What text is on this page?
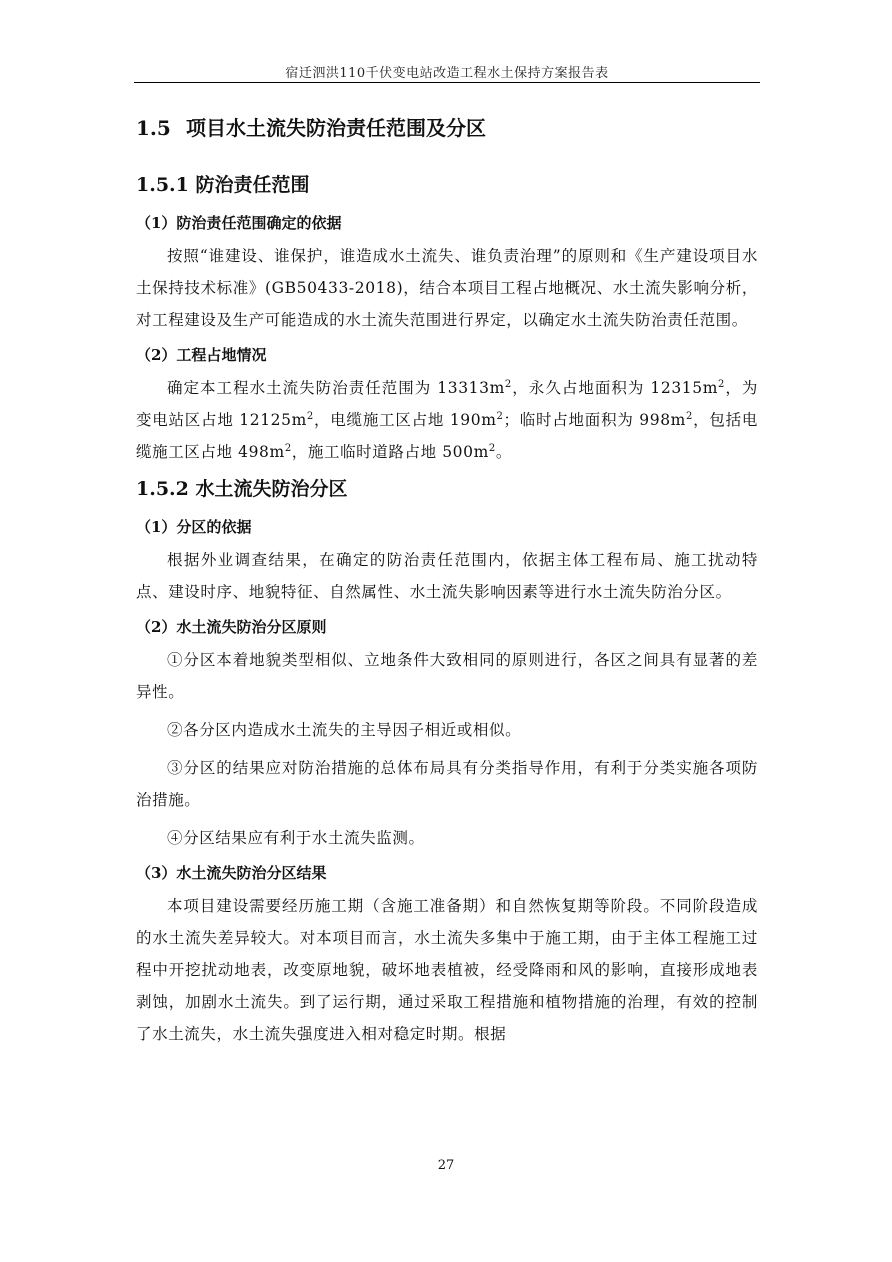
宿迁泗洪110千伏变电站改造工程水土保持方案报告表
1.5 项目水土流失防治责任范围及分区
1.5.1 防治责任范围
（1）防治责任范围确定的依据

按照“谁建设、谁保护，谁造成水土流失、谁负责治理”的原则和《生产建设项目水土保持技术标准》(GB50433-2018)，结合本项目工程占地概况、水土流失影响分析，对工程建设及生产可能造成的水土流失范围进行界定，以确定水土流失防治责任范围。

（2）工程占地情况

确定本工程水土流失防治责任范围为 $13313m^2$，永久占地面积为 $12315m^2$，为变电站区占地 $12125m^2$，电缆施工区占地 $190m^2$；临时占地面积为 $998m^2$，包括电缆施工区占地 $498m^2$，施工临时道路占地 $500m^2$。

1.5.2 水土流失防治分区
（1）分区的依据

根据外业调查结果，在确定的防治责任范围内，依据主体工程布局、施工扰动特点、建设时序、地貌特征、自然属性、水土流失影响因素等进行水土流失防治分区。

（2）水土流失防治分区原则

①分区本着地貌类型相似、立地条件大致相同的原则进行，各区之间具有显著的差异性。

②各分区内造成水土流失的主导因子相近或相似。

③分区的结果应对防治措施的总体布局具有分类指导作用，有利于分类实施各项防治措施。

④分区结果应有利于水土流失监测。

（3）水土流失防治分区结果

本项目建设需要经历施工期（含施工准备期）和自然恢复期等阶段。不同阶段造成的水土流失差异较大。对本项目而言，水土流失多集中于施工期，由于主体工程施工过程中开挖扰动地表，改变原地貌，破坏地表植被，经受降雨和风的影响，直接形成地表剥蚀，加剧水土流失。到了运行期，通过采取工程措施和植物措施的治理，有效的控制了水土流失，水土流失强度进入相对稳定时期。根据

27
